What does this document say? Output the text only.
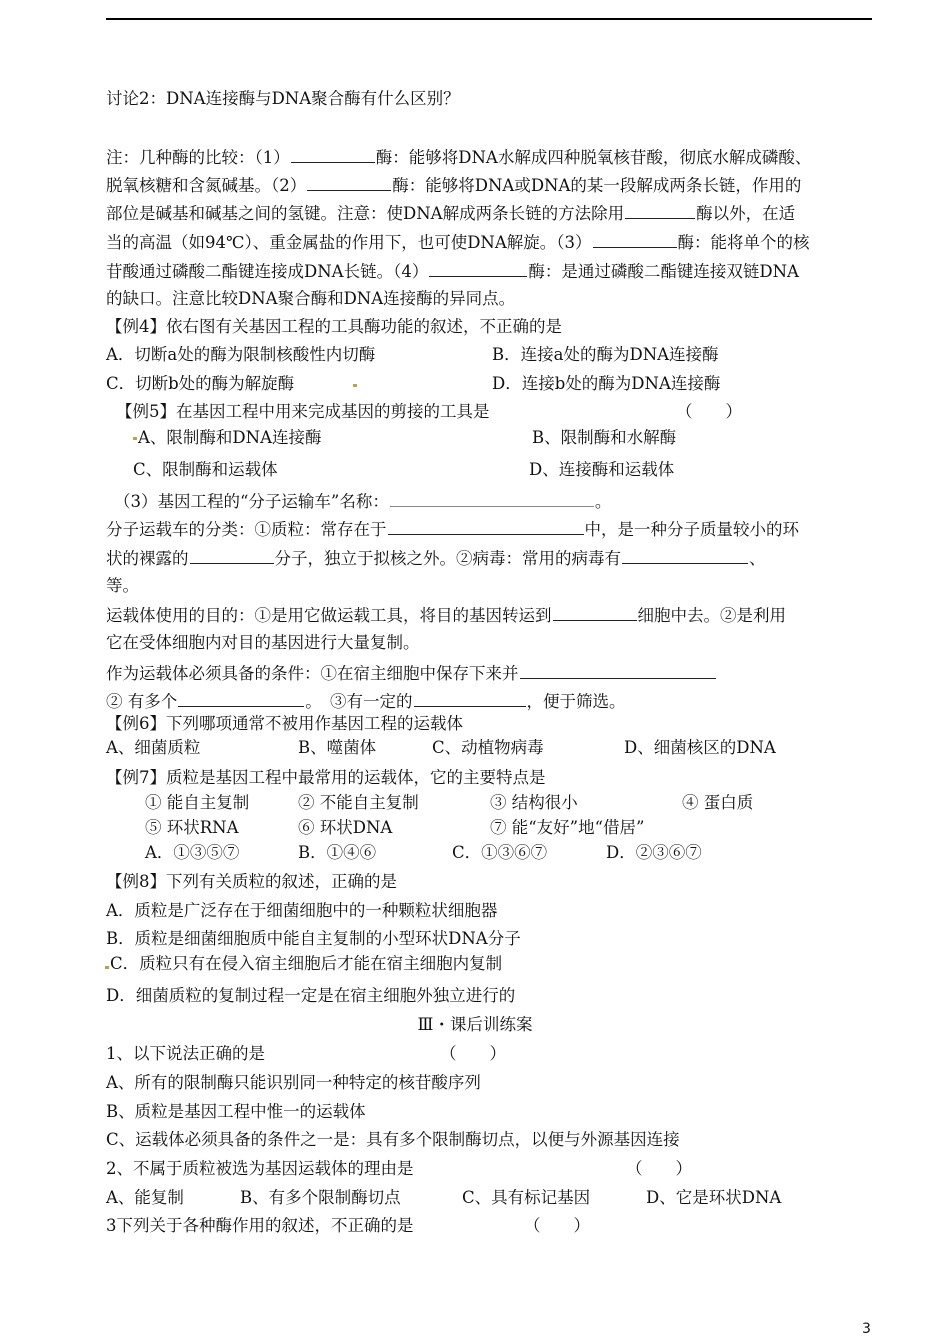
讨论2：DNA连接酶与DNA聚合酶有什么区别？
注：几种酶的比较：（1）	酶：能够将DNA水解成四种脱氧核苷酸，彻底水解成磷酸、
脱氧核糖和含氮碱基。（2）	酶：能够将DNA或DNA的某一段解成两条长链，作用的
部位是碱基和碱基之间的氢键。注意：使DNA解成两条长链的方法除用	酶以外，在适
当的高温（如94℃）、重金属盐的作用下，也可使DNA解旋。（3）	酶：能将单个的核
苷酸通过磷酸二酯键连接成DNA长链。（4）	酶：是通过磷酸二酯键连接双链DNA
的缺口。注意比较DNA聚合酶和DNA连接酶的异同点。
【例4】依右图有关基因工程的工具酶功能的叙述，不正确的是
A．切断a处的酶为限制核酸性内切酶	B．连接a处的酶为DNA连接酶
C．切断b处的酶为解旋酶	D．连接b处的酶为DNA连接酶
【例5】在基因工程中用来完成基因的剪接的工具是	（　　）
A、限制酶和DNA连接酶	B、限制酶和水解酶
C、限制酶和运载体	D、连接酶和运载体
（3）基因工程的“分子运输车”名称：	。
分子运载车的分类：①质粒：常存在于	中，是一种分子质量较小的环
状的裸露的	分子，独立于拟核之外。②病毒：常用的病毒有	、
等。
运载体使用的目的：①是用它做运载工具，将目的基因转运到	细胞中去。②是利用
它在受体细胞内对目的基因进行大量复制。
作为运载体必须具备的条件：①在宿主细胞中保存下来并
② 有多个	。　③有一定的	，便于筛选。
【例6】下列哪项通常不被用作基因工程的运载体
A、细菌质粒	B、噬菌体	C、动植物病毒	D、细菌核区的DNA
【例7】质粒是基因工程中最常用的运载体，它的主要特点是
① 能自主复制	② 不能自主复制	③ 结构很小	④ 蛋白质
⑤ 环状RNA	⑥ 环状DNA	⑦ 能“友好”地“借居”
A．①③⑤⑦	B．①④⑥	C．①③⑥⑦	D．②③⑥⑦
【例8】下列有关质粒的叙述，正确的是
A．质粒是广泛存在于细菌细胞中的一种颗粒状细胞器
B．质粒是细菌细胞质中能自主复制的小型环状DNA分子
C．质粒只有在侵入宿主细胞后才能在宿主细胞内复制
D．细菌质粒的复制过程一定是在宿主细胞外独立进行的
Ⅲ・课后训练案
1、以下说法正确的是	（　　）
A、所有的限制酶只能识别同一种特定的核苷酸序列
B、质粒是基因工程中惟一的运载体
C、运载体必须具备的条件之一是：具有多个限制酶切点，以便与外源基因连接
2、不属于质粒被选为基因运载体的理由是	（　　）
A、能复制	B、有多个限制酶切点	C、具有标记基因	D、它是环状DNA
3下列关于各种酶作用的叙述，不正确的是	（　　）
3
